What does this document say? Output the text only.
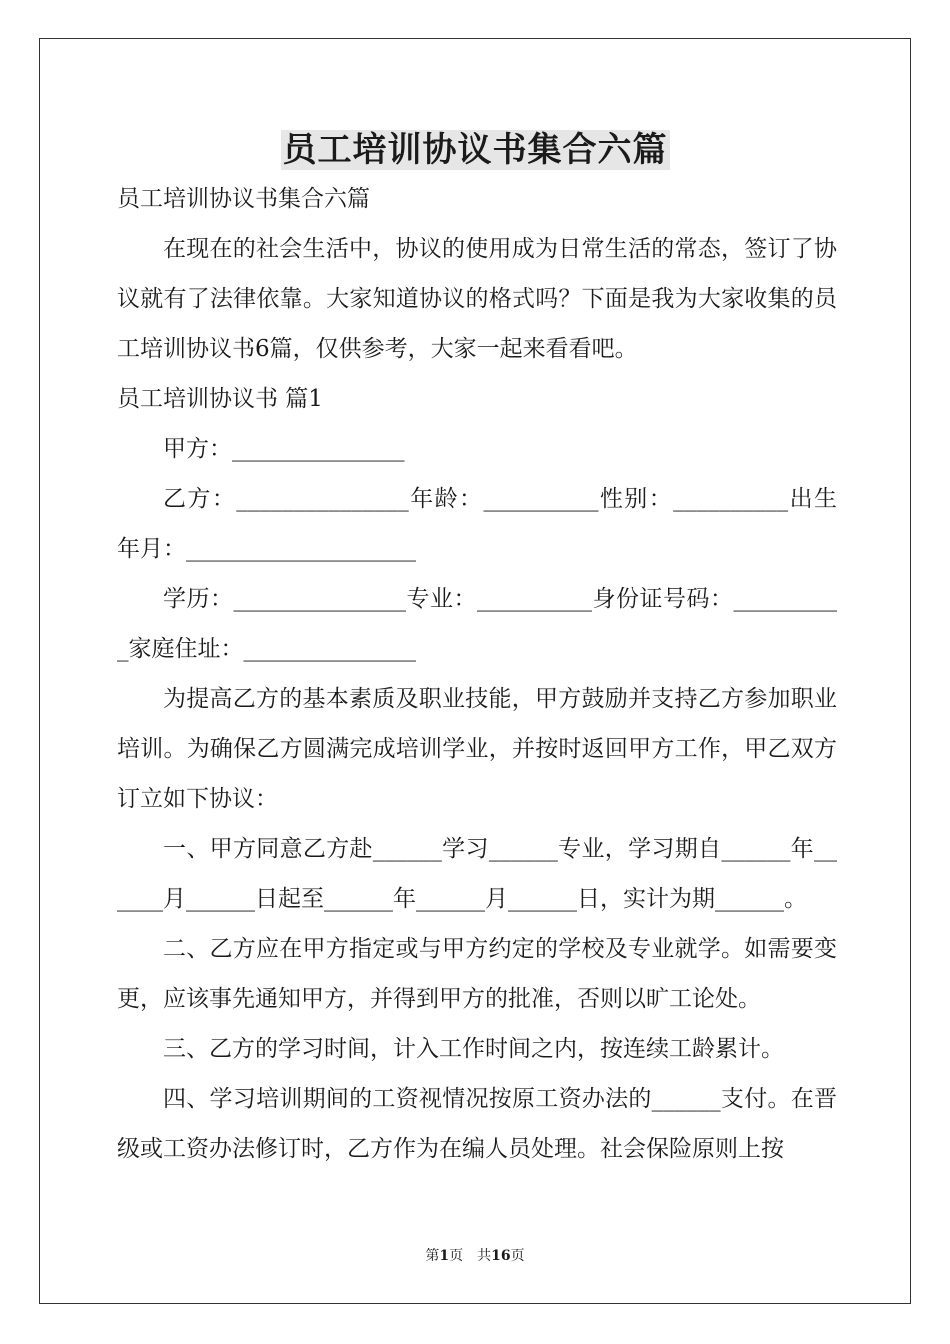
员工培训协议书集合六篇

员工培训协议书集合六篇

在现在的社会生活中，协议的使用成为日常生活的常态，签订了协议就有了法律依靠。大家知道协议的格式吗？下面是我为大家收集的员工培训协议书6篇，仅供参考，大家一起来看看吧。

员工培训协议书 篇1

甲方：_______________

乙方：_______________年龄：__________性别：__________出生年月：____________________

学历：_______________专业：__________身份证号码：__________家庭住址：_______________

为提高乙方的基本素质及职业技能，甲方鼓励并支持乙方参加职业培训。为确保乙方圆满完成培训学业，并按时返回甲方工作，甲乙双方订立如下协议：

一、甲方同意乙方赴______学习______专业，学习期自______年______月______日起至______年______月______日，实计为期______。

二、乙方应在甲方指定或与甲方约定的学校及专业就学。如需要变更，应该事先通知甲方，并得到甲方的批准，否则以旷工论处。

三、乙方的学习时间，计入工作时间之内，按连续工龄累计。

四、学习培训期间的工资视情况按原工资办法的______支付。在晋级或工资办法修订时，乙方作为在编人员处理。社会保险原则上按

第1页　共16页
